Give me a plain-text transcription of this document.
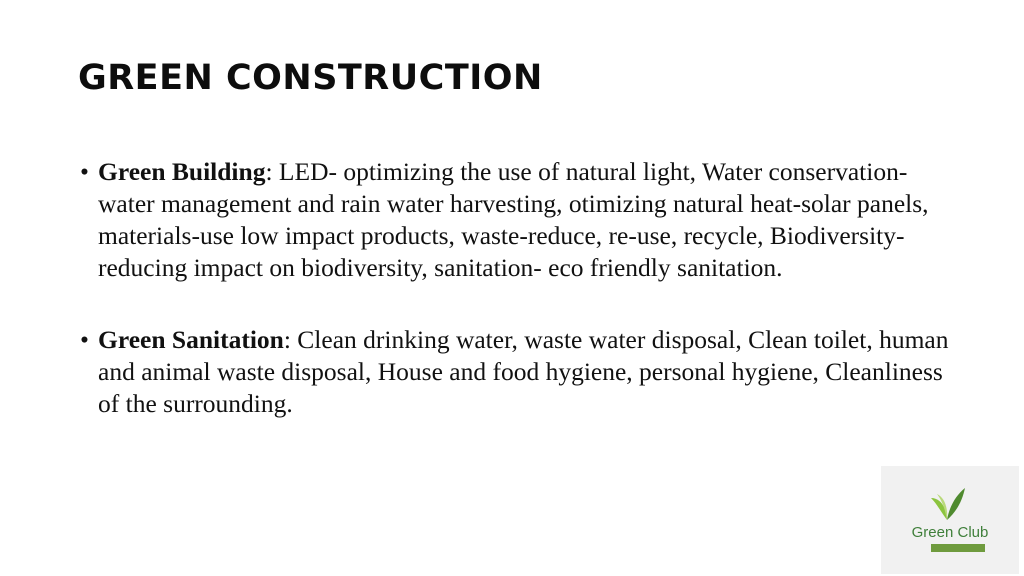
GREEN CONSTRUCTION
• Green Building: LED- optimizing the use of natural light, Water conservation- water management and rain water harvesting, otimizing natural heat-solar panels, materials-use low impact products, waste-reduce, re-use, recycle, Biodiversity- reducing impact on biodiversity, sanitation- eco friendly sanitation.
• Green Sanitation: Clean drinking water, waste water disposal, Clean toilet, human and animal waste disposal, House and food hygiene, personal hygiene, Cleanliness of the surrounding.
Green Club
